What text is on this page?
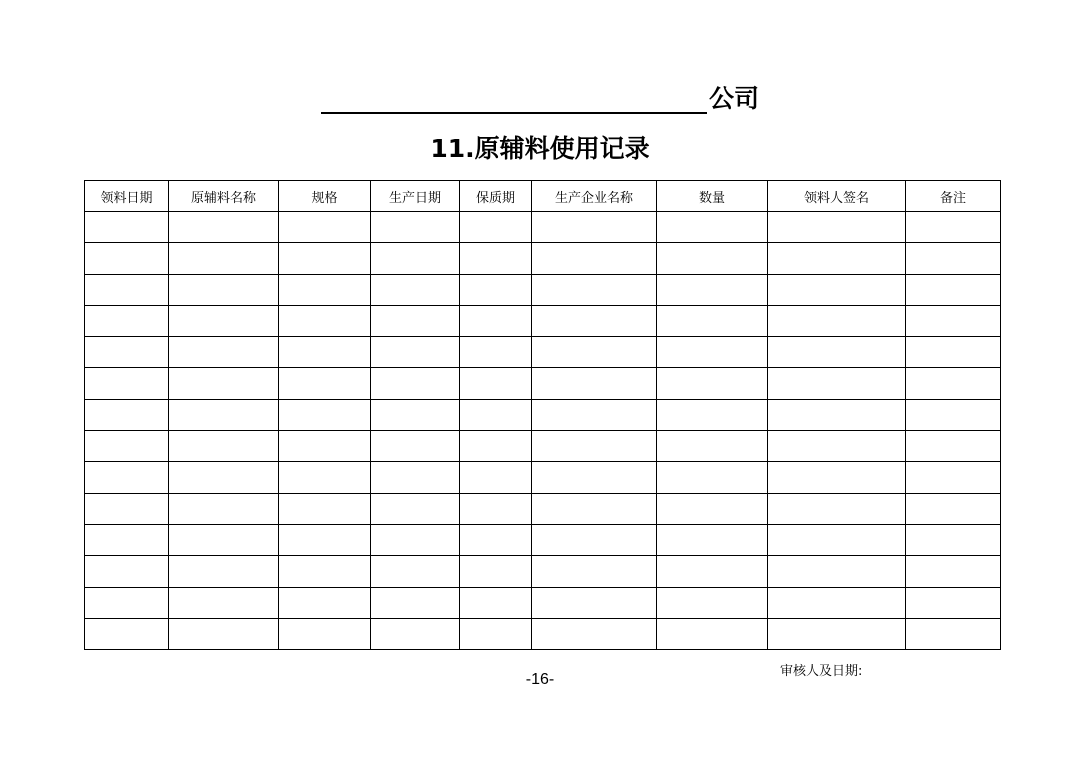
公司
11.原辅料使用记录
领料日期	原辅料名称	规格	生产日期	保质期	生产企业名称	数量	领料人签名	备注

审核人及日期:
-16-
